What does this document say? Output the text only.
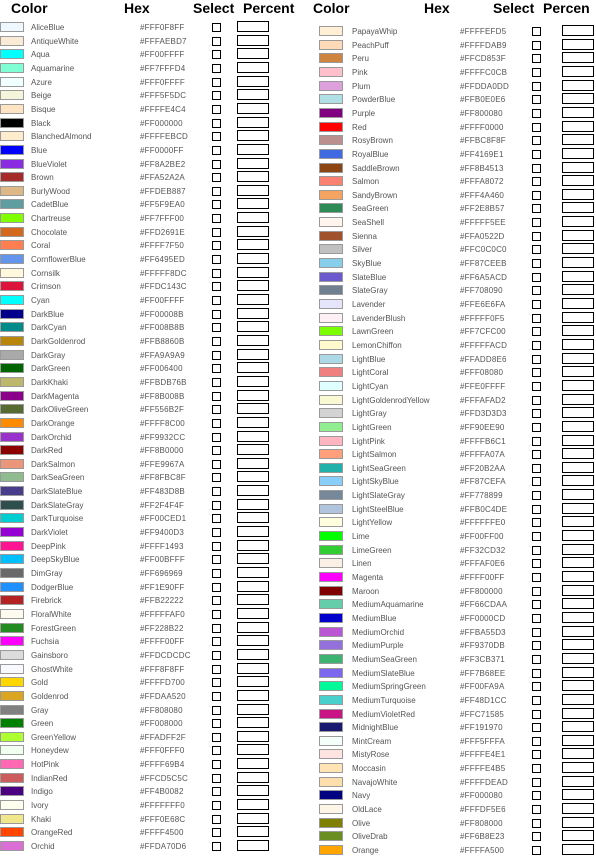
Color	Hex	Select Percent
AliceBlue	#FFF0F8FF
AntiqueWhite	#FFFAEBD7
Aqua	#FF00FFFF
Aquamarine	#FF7FFFD4
Azure	#FFF0FFFF
Beige	#FFF5F5DC
Bisque	#FFFFE4C4
Black	#FF000000
BlanchedAlmond	#FFFFEBCD
Blue	#FF0000FF
BlueViolet	#FF8A2BE2
Brown	#FFA52A2A
BurlyWood	#FFDEB887
CadetBlue	#FF5F9EA0
Chartreuse	#FF7FFF00
Chocolate	#FFD2691E
Coral	#FFFF7F50
CornflowerBlue	#FF6495ED
Cornsilk	#FFFFF8DC
Crimson	#FFDC143C
Cyan	#FF00FFFF
DarkBlue	#FF00008B
DarkCyan	#FF008B8B
DarkGoldenrod	#FFB8860B
DarkGray	#FFA9A9A9
DarkGreen	#FF006400
DarkKhaki	#FFBDB76B
DarkMagenta	#FF8B008B
DarkOliveGreen	#FF556B2F
DarkOrange	#FFFF8C00
DarkOrchid	#FF9932CC
DarkRed	#FF8B0000
DarkSalmon	#FFE9967A
DarkSeaGreen	#FF8FBC8F
DarkSlateBlue	#FF483D8B
DarkSlateGray	#FF2F4F4F
DarkTurquoise	#FF00CED1
DarkViolet	#FF9400D3
DeepPink	#FFFF1493
DeepSkyBlue	#FF00BFFF
DimGray	#FF696969
DodgerBlue	#FF1E90FF
Firebrick	#FFB22222
FloralWhite	#FFFFFAF0
ForestGreen	#FF228B22
Fuchsia	#FFFF00FF
Gainsboro	#FFDCDCDC
GhostWhite	#FFF8F8FF
Gold	#FFFFD700
Goldenrod	#FFDAA520
Gray	#FF808080
Green	#FF008000
GreenYellow	#FFADFF2F
Honeydew	#FFF0FFF0
HotPink	#FFFF69B4
IndianRed	#FFCD5C5C
Indigo	#FF4B0082
Ivory	#FFFFFFF0
Khaki	#FFF0E68C
OrangeRed	#FFFF4500
Orchid	#FFDA70D6
Color	Hex	Select Percen
PapayaWhip	#FFFFEFD5
PeachPuff	#FFFFDAB9
Peru	#FFCD853F
Pink	#FFFFC0CB
Plum	#FFDDA0DD
PowderBlue	#FFB0E0E6
Purple	#FF800080
Red	#FFFF0000
RosyBrown	#FFBC8F8F
RoyalBlue	#FF4169E1
SaddleBrown	#FF8B4513
Salmon	#FFFA8072
SandyBrown	#FFF4A460
SeaGreen	#FF2E8B57
SeaShell	#FFFFF5EE
Sienna	#FFA0522D
Silver	#FFC0C0C0
SkyBlue	#FF87CEEB
SlateBlue	#FF6A5ACD
SlateGray	#FF708090
Lavender	#FFE6E6FA
LavenderBlush	#FFFFF0F5
LawnGreen	#FF7CFC00
LemonChiffon	#FFFFFACD
LightBlue	#FFADD8E6
LightCoral	#FFF08080
LightCyan	#FFE0FFFF
LightGoldenrodYellow	#FFFAFAD2
LightGray	#FFD3D3D3
LightGreen	#FF90EE90
LightPink	#FFFFB6C1
LightSalmon	#FFFFA07A
LightSeaGreen	#FF20B2AA
LightSkyBlue	#FF87CEFA
LightSlateGray	#FF778899
LightSteelBlue	#FFB0C4DE
LightYellow	#FFFFFFE0
Lime	#FF00FF00
LimeGreen	#FF32CD32
Linen	#FFFAF0E6
Magenta	#FFFF00FF
Maroon	#FF800000
MediumAquamarine	#FF66CDAA
MediumBlue	#FF0000CD
MediumOrchid	#FFBA55D3
MediumPurple	#FF9370DB
MediumSeaGreen	#FF3CB371
MediumSlateBlue	#FF7B68EE
MediumSpringGreen	#FF00FA9A
MediumTurquoise	#FF48D1CC
MediumVioletRed	#FFC71585
MidnightBlue	#FF191970
MintCream	#FFF5FFFA
MistyRose	#FFFFE4E1
Moccasin	#FFFFE4B5
NavajoWhite	#FFFFDEAD
Navy	#FF000080
OldLace	#FFFDF5E6
Olive	#FF808000
OliveDrab	#FF6B8E23
Orange	#FFFFA500
